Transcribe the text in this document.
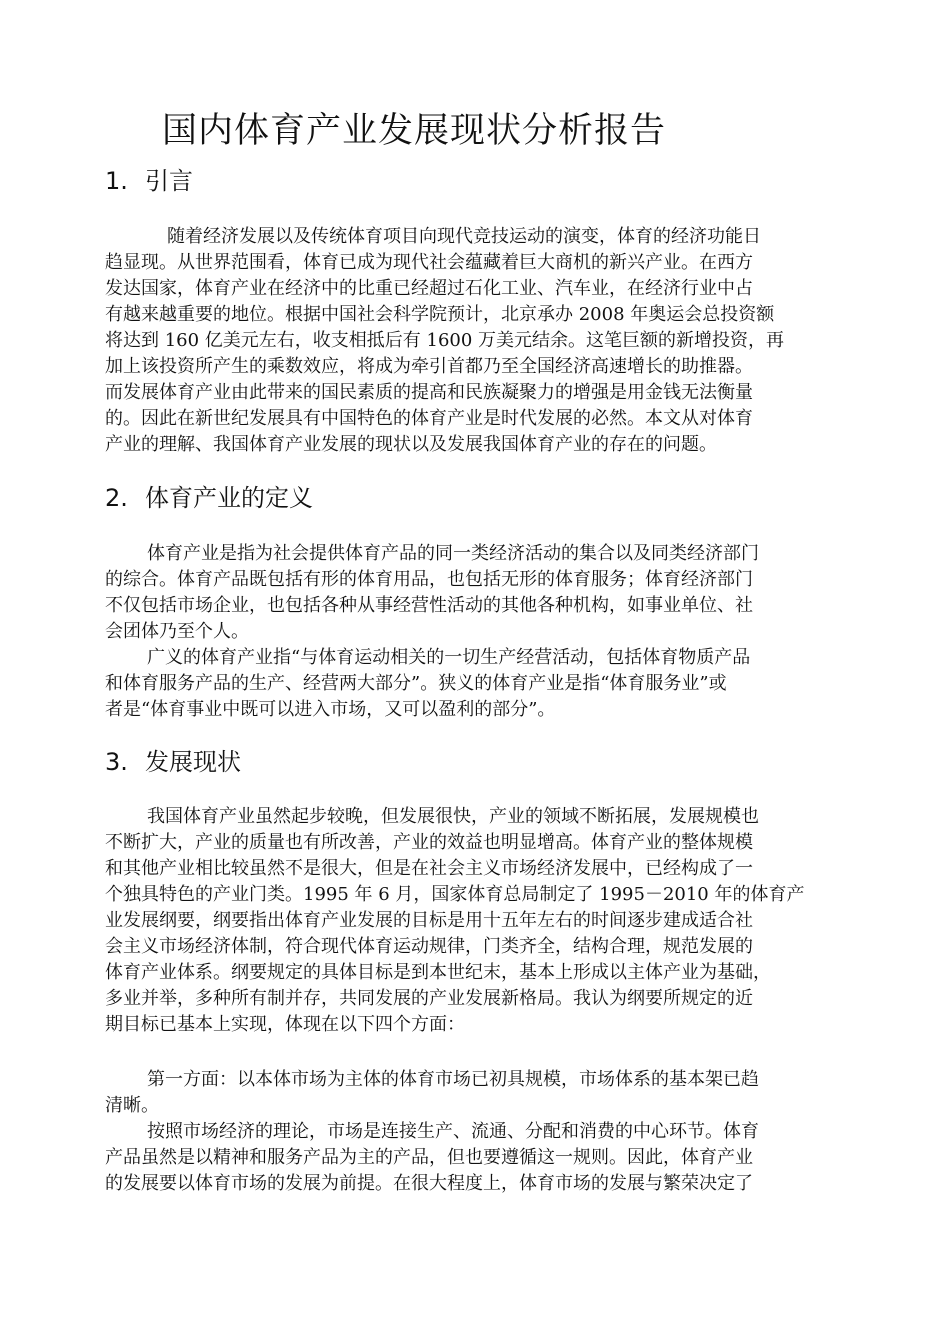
国内体育产业发展现状分析报告
1. 引言
随着经济发展以及传统体育项目向现代竞技运动的演变，体育的经济功能日
趋显现。从世界范围看，体育已成为现代社会蕴藏着巨大商机的新兴产业。在西方
发达国家，体育产业在经济中的比重已经超过石化工业、汽车业，在经济行业中占
有越来越重要的地位。根据中国社会科学院预计，北京承办 2008 年奥运会总投资额
将达到 160 亿美元左右，收支相抵后有 1600 万美元结余。这笔巨额的新增投资，再
加上该投资所产生的乘数效应，将成为牵引首都乃至全国经济高速增长的助推器。
而发展体育产业由此带来的国民素质的提高和民族凝聚力的增强是用金钱无法衡量
的。因此在新世纪发展具有中国特色的体育产业是时代发展的必然。本文从对体育
产业的理解、我国体育产业发展的现状以及发展我国体育产业的存在的问题。
2. 体育产业的定义
体育产业是指为社会提供体育产品的同一类经济活动的集合以及同类经济部门
的综合。体育产品既包括有形的体育用品，也包括无形的体育服务；体育经济部门
不仅包括市场企业，也包括各种从事经营性活动的其他各种机构，如事业单位、社
会团体乃至个人。
广义的体育产业指“与体育运动相关的一切生产经营活动，包括体育物质产品
和体育服务产品的生产、经营两大部分”。狭义的体育产业是指“体育服务业”或
者是“体育事业中既可以进入市场，又可以盈利的部分”。
3. 发展现状
我国体育产业虽然起步较晚，但发展很快，产业的领域不断拓展，发展规模也
不断扩大，产业的质量也有所改善，产业的效益也明显增高。体育产业的整体规模
和其他产业相比较虽然不是很大，但是在社会主义市场经济发展中，已经构成了一
个独具特色的产业门类。1995 年 6 月，国家体育总局制定了 1995－2010 年的体育产
业发展纲要，纲要指出体育产业发展的目标是用十五年左右的时间逐步建成适合社
会主义市场经济体制，符合现代体育运动规律，门类齐全，结构合理，规范发展的
体育产业体系。纲要规定的具体目标是到本世纪末，基本上形成以主体产业为基础，
多业并举，多种所有制并存，共同发展的产业发展新格局。我认为纲要所规定的近
期目标已基本上实现，体现在以下四个方面：
第一方面：以本体市场为主体的体育市场已初具规模，市场体系的基本架已趋
清晰。
按照市场经济的理论，市场是连接生产、流通、分配和消费的中心环节。体育
产品虽然是以精神和服务产品为主的产品，但也要遵循这一规则。因此，体育产业
的发展要以体育市场的发展为前提。在很大程度上，体育市场的发展与繁荣决定了
